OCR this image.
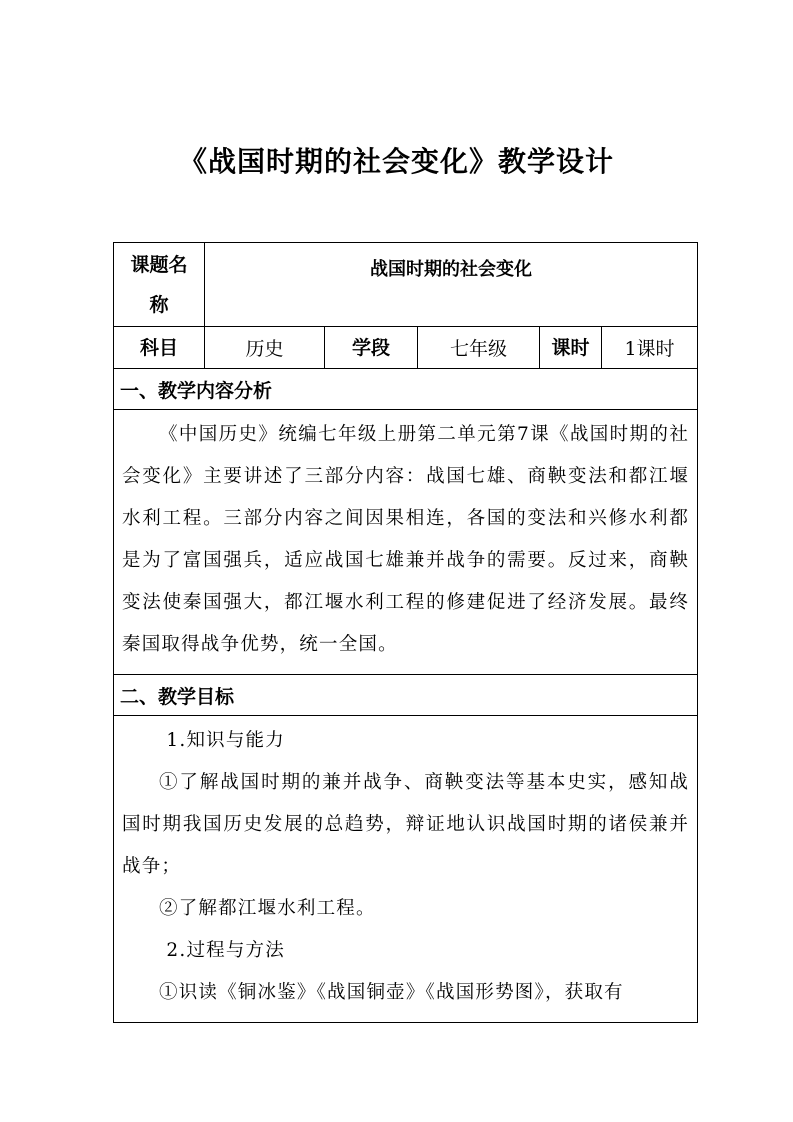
《战国时期的社会变化》教学设计
课题名
称	战国时期的社会变化				
科目	历史	学段	七年级	课时	1课时
一、教学内容分析					

《中国历史》统编七年级上册第二单元第7课《战国时期的社会变化》主要讲述了三部分内容：战国七雄、商鞅变法和都江堰水利工程。三部分内容之间因果相连，各国的变法和兴修水利都是为了富国强兵，适应战国七雄兼并战争的需要。反过来，商鞅变法使秦国强大，都江堰水利工程的修建促进了经济发展。最终秦国取得战争优势，统一全国。					

二、教学目标					

1.知识与能力

①了解战国时期的兼并战争、商鞅变法等基本史实，感知战国时期我国历史发展的总趋势，辩证地认识战国时期的诸侯兼并战争；

②了解都江堰水利工程。

2.过程与方法

①识读《铜冰鉴》《战国铜壶》《战国形势图》，获取有					
